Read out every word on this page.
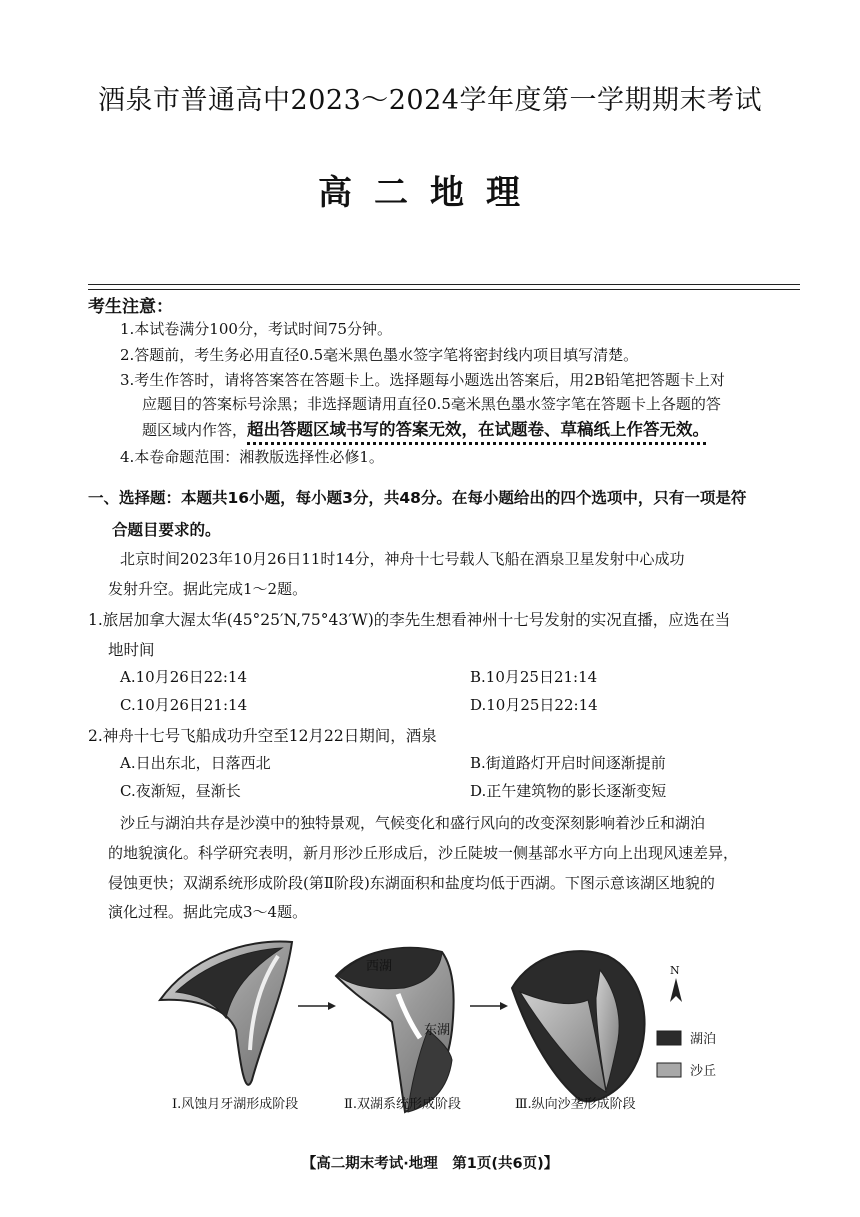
酒泉市普通高中2023～2024学年度第一学期期末考试
高二地理
考生注意：
1.本试卷满分100分，考试时间75分钟。
2.答题前，考生务必用直径0.5毫米黑色墨水签字笔将密封线内项目填写清楚。
3.考生作答时，请将答案答在答题卡上。选择题每小题选出答案后，用2B铅笔把答题卡上对
应题目的答案标号涂黑；非选择题请用直径0.5毫米黑色墨水签字笔在答题卡上各题的答
题区域内作答，超出答题区域书写的答案无效，在试题卷、草稿纸上作答无效。
4.本卷命题范围：湘教版选择性必修1。
一、选择题：本题共16小题，每小题3分，共48分。在每小题给出的四个选项中，只有一项是符
合题目要求的。
北京时间2023年10月26日11时14分，神舟十七号载人飞船在酒泉卫星发射中心成功
发射升空。据此完成1～2题。
1.旅居加拿大渥太华(45°25′N,75°43′W)的李先生想看神州十七号发射的实况直播，应选在当
地时间
A.10月26日22:14	B.10月25日21:14
C.10月26日21:14	D.10月25日22:14
2.神舟十七号飞船成功升空至12月22日期间，酒泉
A.日出东北，日落西北	B.街道路灯开启时间逐渐提前
C.夜渐短，昼渐长	D.正午建筑物的影长逐渐变短
沙丘与湖泊共存是沙漠中的独特景观，气候变化和盛行风向的改变深刻影响着沙丘和湖泊
的地貌演化。科学研究表明，新月形沙丘形成后，沙丘陡坡一侧基部水平方向上出现风速差异，
侵蚀更快；双湖系统形成阶段(第Ⅱ阶段)东湖面积和盐度均低于西湖。下图示意该湖区地貌的
演化过程。据此完成3～4题。
西湖
东湖
N
湖泊
沙丘
Ⅰ.风蚀月牙湖形成阶段	Ⅱ.双湖系统形成阶段	Ⅲ.纵向沙垄形成阶段
【高二期末考试·地理　第1页(共6页)】
